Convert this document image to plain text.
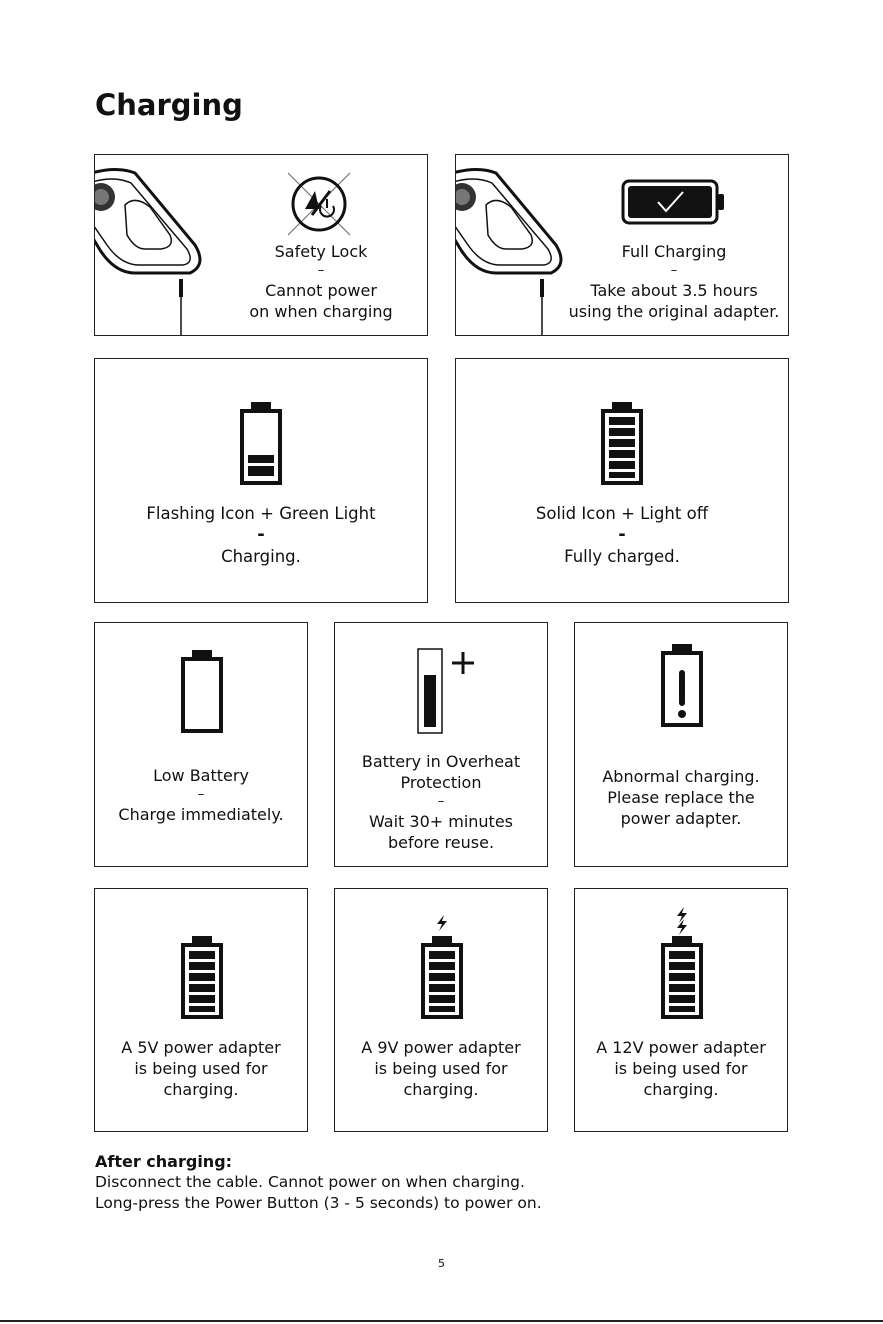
Charging
Safety Lock
–
Cannot power
on when charging
Full Charging
–
Take about 3.5 hours
using the original adapter.
Flashing Icon + Green Light
-
Charging.
Solid Icon + Light off
-
Fully charged.
Low Battery
–
Charge immediately.
Battery in Overheat
Protection
–
Wait 30+ minutes
before reuse.
Abnormal charging.
Please replace the
power adapter.
A 5V power adapter
is being used for
charging.
A 9V power adapter
is being used for
charging.
A 12V power adapter
is being used for
charging.
After charging:
Disconnect the cable. Cannot power on when charging.
Long-press the Power Button (3 - 5 seconds) to power on.
5
